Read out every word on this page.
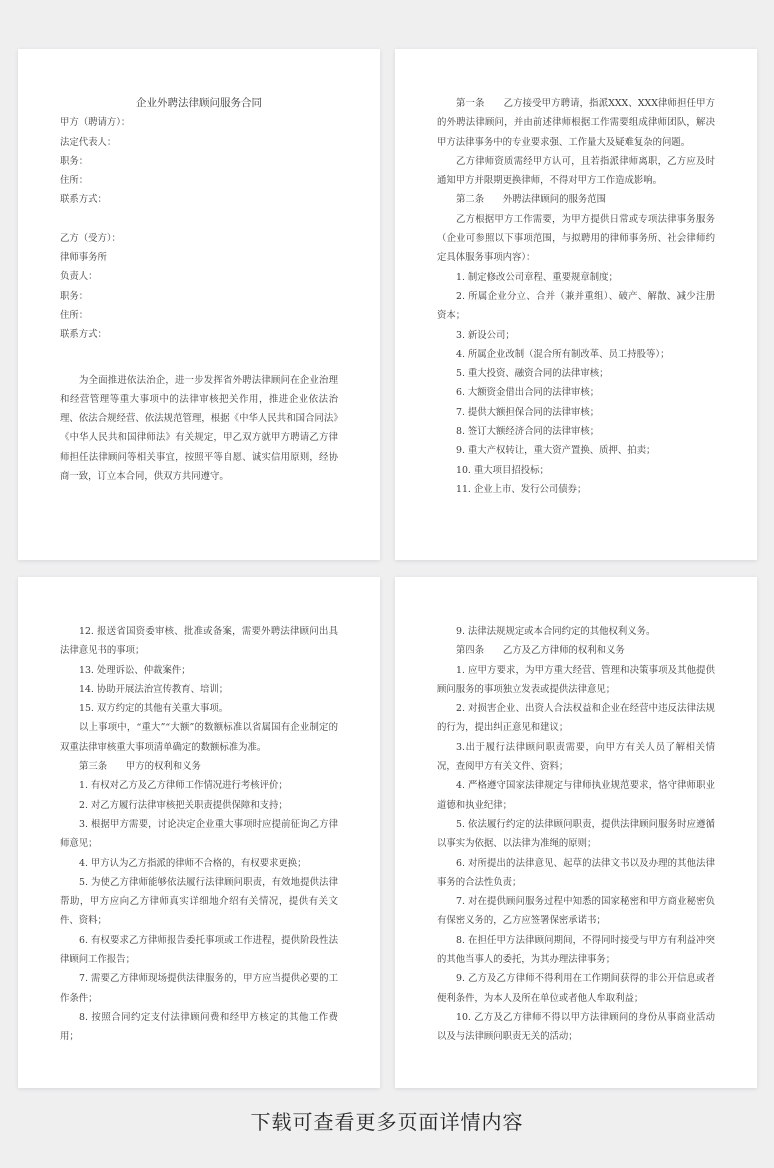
企业外聘法律顾问服务合同
甲方（聘请方）：
法定代表人：
职务：
住所：
联系方式：
乙方（受方）：
律师事务所
负责人：
职务：
住所：
联系方式：
为全面推进依法治企，进一步发挥省外聘法律顾问在企业治理和经营管理等重大事项中的法律审核把关作用，推进企业依法治理、依法合规经营、依法规范管理，根据《中华人民共和国合同法》《中华人民共和国律师法》有关规定，甲乙双方就甲方聘请乙方律师担任法律顾问等相关事宜，按照平等自愿、诚实信用原则，经协商一致，订立本合同，供双方共同遵守。
第一条　　乙方接受甲方聘请，指派XXX、XXX律师担任甲方的外聘法律顾问，并由前述律师根据工作需要组成律师团队，解决甲方法律事务中的专业要求强、工作量大及疑难复杂的问题。
乙方律师资质需经甲方认可，且若指派律师离职，乙方应及时通知甲方并限期更换律师，不得对甲方工作造成影响。
第二条　　外聘法律顾问的服务范围
乙方根据甲方工作需要，为甲方提供日常或专项法律事务服务（企业可参照以下事项范围，与拟聘用的律师事务所、社会律师约定具体服务事项内容）：
1. 制定修改公司章程、重要规章制度；
2. 所属企业分立、合并（兼并重组）、破产、解散、减少注册资本；
3. 新设公司；
4. 所属企业改制（混合所有制改革、员工持股等）；
5. 重大投资、融资合同的法律审核；
6. 大额资金借出合同的法律审核；
7. 提供大额担保合同的法律审核；
8. 签订大额经济合同的法律审核；
9. 重大产权转让，重大资产置换、质押、拍卖；
10. 重大项目招投标；
11. 企业上市、发行公司债券；
12. 报送省国资委审核、批准或备案，需要外聘法律顾问出具法律意见书的事项；
13. 处理诉讼、仲裁案件；
14. 协助开展法治宣传教育、培训；
15. 双方约定的其他有关重大事项。
以上事项中，“重大”“大额”的数额标准以省属国有企业制定的双重法律审核重大事项清单确定的数额标准为准。
第三条　　甲方的权利和义务
1. 有权对乙方及乙方律师工作情况进行考核评价；
2. 对乙方履行法律审核把关职责提供保障和支持；
3. 根据甲方需要，讨论决定企业重大事项时应提前征询乙方律师意见；
4. 甲方认为乙方指派的律师不合格的，有权要求更换；
5. 为使乙方律师能够依法履行法律顾问职责，有效地提供法律帮助，甲方应向乙方律师真实详细地介绍有关情况，提供有关文件、资料；
6. 有权要求乙方律师报告委托事项或工作进程，提供阶段性法律顾问工作报告；
7. 需要乙方律师现场提供法律服务的，甲方应当提供必要的工作条件；
8. 按照合同约定支付法律顾问费和经甲方核定的其他工作费用；
9. 法律法规规定或本合同约定的其他权利义务。
第四条　　乙方及乙方律师的权利和义务
1. 应甲方要求，为甲方重大经营、管理和决策事项及其他提供顾问服务的事项独立发表或提供法律意见；
2. 对损害企业、出资人合法权益和企业在经营中违反法律法规的行为，提出纠正意见和建议；
3.出于履行法律顾问职责需要，向甲方有关人员了解相关情况，查阅甲方有关文件、资料；
4. 严格遵守国家法律规定与律师执业规范要求，恪守律师职业道德和执业纪律；
5. 依法履行约定的法律顾问职责，提供法律顾问服务时应遵循以事实为依据、以法律为准绳的原则；
6. 对所提出的法律意见、起草的法律文书以及办理的其他法律事务的合法性负责；
7. 对在提供顾问服务过程中知悉的国家秘密和甲方商业秘密负有保密义务的，乙方应签署保密承诺书；
8. 在担任甲方法律顾问期间，不得同时接受与甲方有利益冲突的其他当事人的委托，为其办理法律事务；
9. 乙方及乙方律师不得利用在工作期间获得的非公开信息或者便利条件，为本人及所在单位或者他人牟取利益；
10. 乙方及乙方律师不得以甲方法律顾问的身份从事商业活动以及与法律顾问职责无关的活动；
下载可查看更多页面详情内容
